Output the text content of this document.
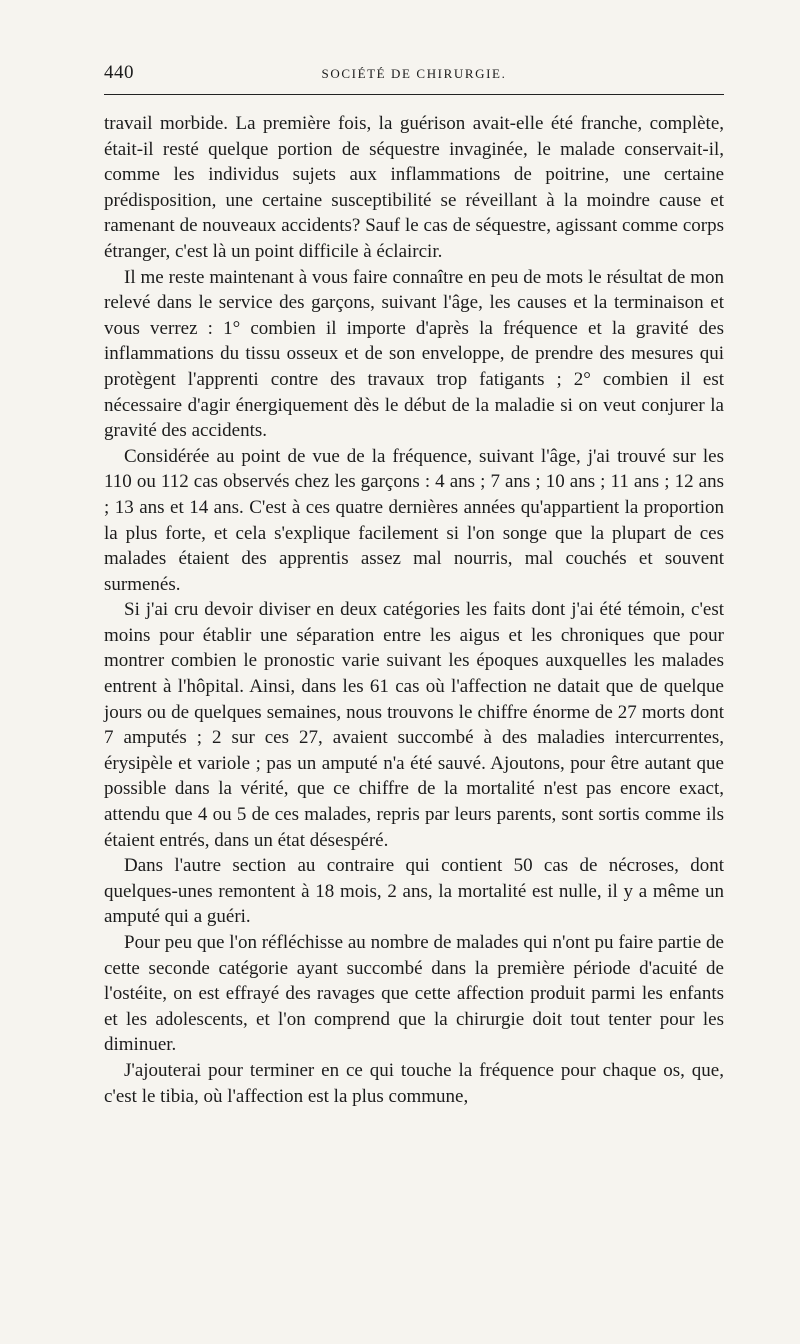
440	SOCIÉTÉ DE CHIRURGIE.

travail morbide. La première fois, la guérison avait-elle été franche, complète, était-il resté quelque portion de séquestre invaginée, le malade conservait-il, comme les individus sujets aux inflammations de poitrine, une certaine prédisposition, une certaine susceptibilité se réveillant à la moindre cause et ramenant de nouveaux accidents? Sauf le cas de séquestre, agissant comme corps étranger, c'est là un point difficile à éclaircir.

Il me reste maintenant à vous faire connaître en peu de mots le résultat de mon relevé dans le service des garçons, suivant l'âge, les causes et la terminaison et vous verrez : 1° combien il importe d'après la fréquence et la gravité des inflammations du tissu osseux et de son enveloppe, de prendre des mesures qui protègent l'apprenti contre des travaux trop fatigants ; 2° combien il est nécessaire d'agir énergiquement dès le début de la maladie si on veut conjurer la gravité des accidents.

Considérée au point de vue de la fréquence, suivant l'âge, j'ai trouvé sur les 110 ou 112 cas observés chez les garçons : 4 ans ; 7 ans ; 10 ans ; 11 ans ; 12 ans ; 13 ans et 14 ans. C'est à ces quatre dernières années qu'appartient la proportion la plus forte, et cela s'explique facilement si l'on songe que la plupart de ces malades étaient des apprentis assez mal nourris, mal couchés et souvent surmenés.

Si j'ai cru devoir diviser en deux catégories les faits dont j'ai été témoin, c'est moins pour établir une séparation entre les aigus et les chroniques que pour montrer combien le pronostic varie suivant les époques auxquelles les malades entrent à l'hôpital. Ainsi, dans les 61 cas où l'affection ne datait que de quelque jours ou de quelques semaines, nous trouvons le chiffre énorme de 27 morts dont 7 amputés ; 2 sur ces 27, avaient succombé à des maladies intercurrentes, érysipèle et variole ; pas un amputé n'a été sauvé. Ajoutons, pour être autant que possible dans la vérité, que ce chiffre de la mortalité n'est pas encore exact, attendu que 4 ou 5 de ces malades, repris par leurs parents, sont sortis comme ils étaient entrés, dans un état désespéré.

Dans l'autre section au contraire qui contient 50 cas de nécroses, dont quelques-unes remontent à 18 mois, 2 ans, la mortalité est nulle, il y a même un amputé qui a guéri.

Pour peu que l'on réfléchisse au nombre de malades qui n'ont pu faire partie de cette seconde catégorie ayant succombé dans la première période d'acuité de l'ostéite, on est effrayé des ravages que cette affection produit parmi les enfants et les adolescents, et l'on comprend que la chirurgie doit tout tenter pour les diminuer.

J'ajouterai pour terminer en ce qui touche la fréquence pour chaque os, que, c'est le tibia, où l'affection est la plus commune,
